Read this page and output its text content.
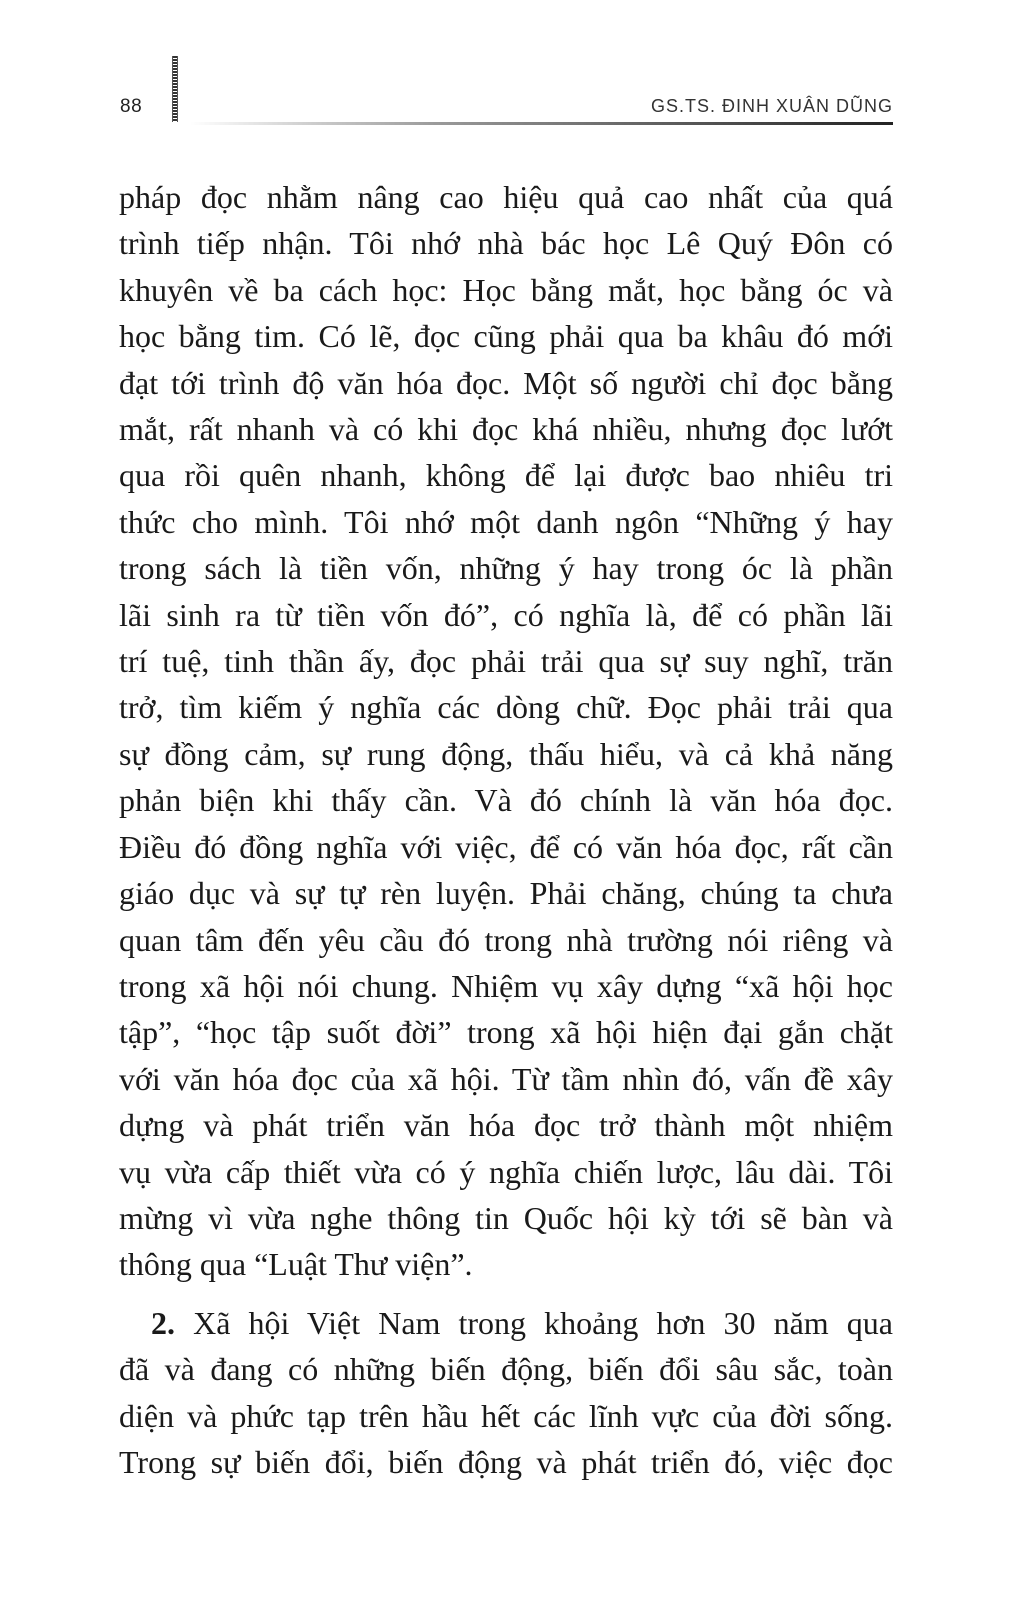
88	GS.TS. ĐINH XUÂN DŨNG
pháp đọc nhằm nâng cao hiệu quả cao nhất của quá
trình tiếp nhận. Tôi nhớ nhà bác học Lê Quý Đôn có
khuyên về ba cách học: Học bằng mắt, học bằng óc và
học bằng tim. Có lẽ, đọc cũng phải qua ba khâu đó mới
đạt tới trình độ văn hóa đọc. Một số người chỉ đọc bằng
mắt, rất nhanh và có khi đọc khá nhiều, nhưng đọc lướt
qua rồi quên nhanh, không để lại được bao nhiêu tri
thức cho mình. Tôi nhớ một danh ngôn “Những ý hay
trong sách là tiền vốn, những ý hay trong óc là phần
lãi sinh ra từ tiền vốn đó”, có nghĩa là, để có phần lãi
trí tuệ, tinh thần ấy, đọc phải trải qua sự suy nghĩ, trăn
trở, tìm kiếm ý nghĩa các dòng chữ. Đọc phải trải qua
sự đồng cảm, sự rung động, thấu hiểu, và cả khả năng
phản biện khi thấy cần. Và đó chính là văn hóa đọc.
Điều đó đồng nghĩa với việc, để có văn hóa đọc, rất cần
giáo dục và sự tự rèn luyện. Phải chăng, chúng ta chưa
quan tâm đến yêu cầu đó trong nhà trường nói riêng và
trong xã hội nói chung. Nhiệm vụ xây dựng “xã hội học
tập”, “học tập suốt đời” trong xã hội hiện đại gắn chặt
với văn hóa đọc của xã hội. Từ tầm nhìn đó, vấn đề xây
dựng và phát triển văn hóa đọc trở thành một nhiệm
vụ vừa cấp thiết vừa có ý nghĩa chiến lược, lâu dài. Tôi
mừng vì vừa nghe thông tin Quốc hội kỳ tới sẽ bàn và
thông qua “Luật Thư viện”.
2. Xã hội Việt Nam trong khoảng hơn 30 năm qua
đã và đang có những biến động, biến đổi sâu sắc, toàn
diện và phức tạp trên hầu hết các lĩnh vực của đời sống.
Trong sự biến đổi, biến động và phát triển đó, việc đọc
